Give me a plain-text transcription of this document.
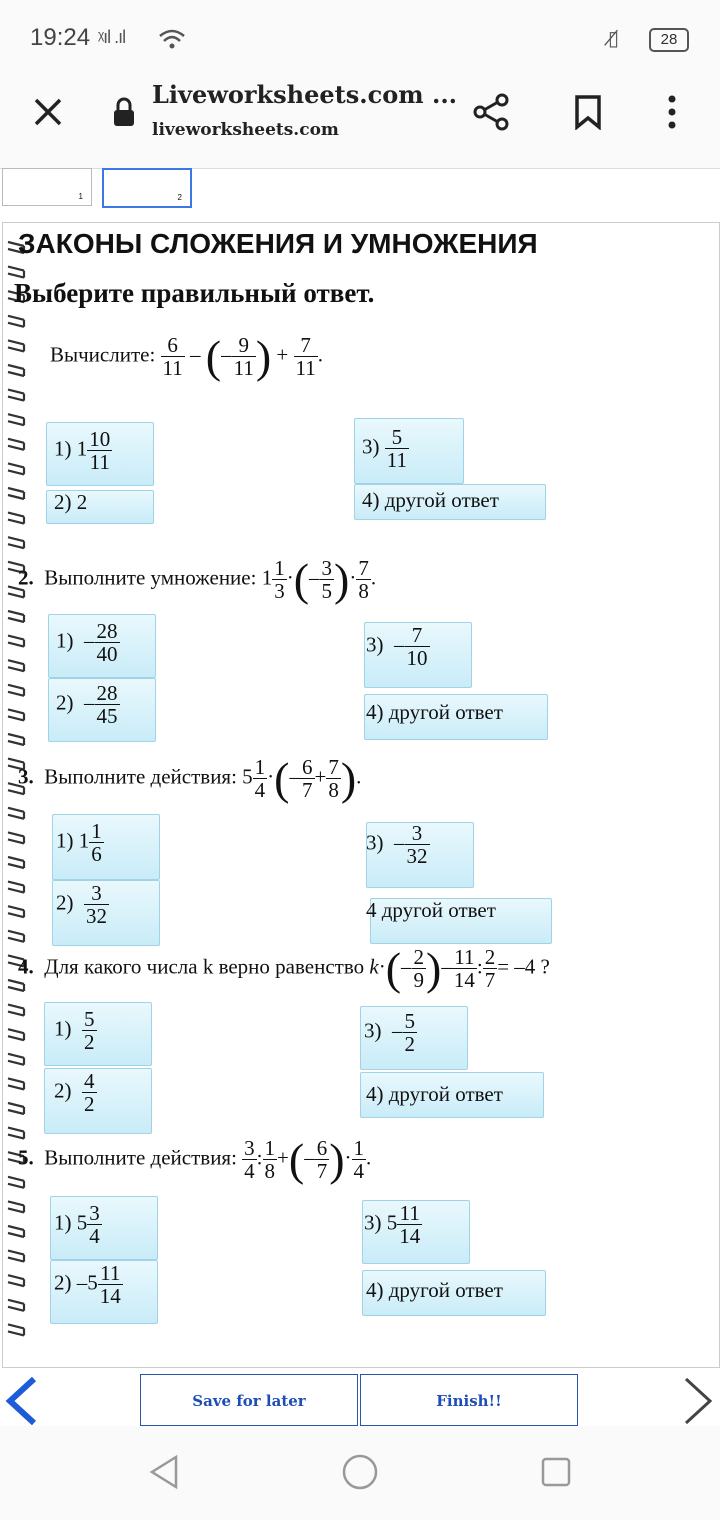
19:24 ᵡıl .ıl	▯̸	28
Liveworksheets.com ...
liveworksheets.com
1	2
ЗАКОНЫ СЛОЖЕНИЯ И УМНОЖЕНИЯ
Выберите правильный ответ.
Вычислите: $\frac{6}{11}$ – (– $\frac{9}{11}$ ) + $\frac{7}{11}$ .
1) $1 \frac{10}{11}$
2) 2
$3) \frac{5}{11}$
4) другой ответ
2. Выполните умножение: $1 \frac{1}{3}$ ·(– $\frac{3}{5}$ )· $\frac{7}{8}$ .
$1) - \frac{28}{40}$
$2) - \frac{28}{45}$
$3) - \frac{7}{10}$
4) другой ответ
3. Выполните действия: $5 \frac{1}{4}$ ·(– $\frac{6}{7} + \frac{7}{8}$ ).
1) $1 \frac{1}{6}$
$2) \frac{3}{32}$
$3) - \frac{3}{32}$
4 другой ответ
4. Для какого числа k верно равенство $k\cdot(- \frac{2}{9}$ )– $\frac{11}{14}$ : $\frac{2}{7} = -4$ ?
$1) \frac{5}{2}$
$2) \frac{4}{2}$
$3) - \frac{5}{2}$
4) другой ответ
5. Выполните действия: $\frac{3}{4}$ : $\frac{1}{8}$ +(– $\frac{6}{7}$ )· $\frac{1}{4}$ .
1) $5 \frac{3}{4}$
2) $-5 \frac{11}{14}$
3) $5 \frac{11}{14}$
4) другой ответ
Save for later	Finish!!
